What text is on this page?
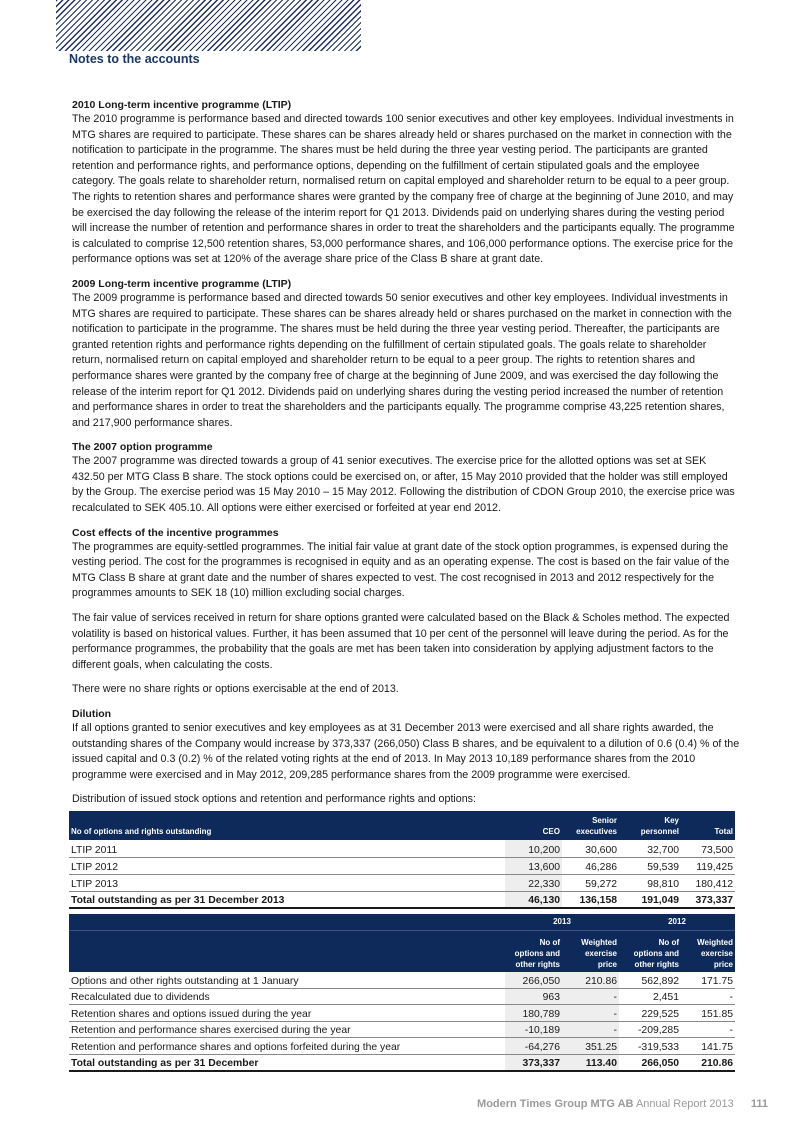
Notes to the accounts
2010 Long-term incentive programme (LTIP)

The 2010 programme is performance based and directed towards 100 senior executives and other key employees. Individual investments in MTG shares are required to participate. These shares can be shares already held or shares purchased on the market in connection with the notification to participate in the programme. The shares must be held during the three year vesting period. The participants are granted retention and performance rights, and performance options, depending on the fulfillment of certain stipulated goals and the employee category. The goals relate to shareholder return, normalised return on capital employed and shareholder return to be equal to a peer group. The rights to retention shares and performance shares were granted by the company free of charge at the beginning of June 2010, and may be exercised the day following the release of the interim report for Q1 2013. Dividends paid on underlying shares during the vesting period will increase the number of retention and performance shares in order to treat the shareholders and the participants equally. The programme is calculated to comprise 12,500 retention shares, 53,000 performance shares, and 106,000 performance options. The exercise price for the performance options was set at 120% of the average share price of the Class B share at grant date.

2009 Long-term incentive programme (LTIP)

The 2009 programme is performance based and directed towards 50 senior executives and other key employees. Individual investments in MTG shares are required to participate. These shares can be shares already held or shares purchased on the market in connection with the notification to participate in the programme. The shares must be held during the three year vesting period. Thereafter, the participants are granted retention rights and performance rights depending on the fulfillment of certain stipulated goals. The goals relate to shareholder return, normalised return on capital employed and shareholder return to be equal to a peer group. The rights to retention shares and performance shares were granted by the company free of charge at the beginning of June 2009, and was exercised the day following the release of the interim report for Q1 2012. Dividends paid on underlying shares during the vesting period increased the number of retention and performance shares in order to treat the shareholders and the participants equally. The programme comprise 43,225 retention shares, and 217,900 performance shares.

The 2007 option programme

The 2007 programme was directed towards a group of 41 senior executives. The exercise price for the allotted options was set at SEK 432.50 per MTG Class B share. The stock options could be exercised on, or after, 15 May 2010 provided that the holder was still employed by the Group. The exercise period was 15 May 2010 – 15 May 2012. Following the distribution of CDON Group 2010, the exercise price was recalculated to SEK 405.10. All options were either exercised or forfeited at year end 2012.

Cost effects of the incentive programmes

The programmes are equity-settled programmes. The initial fair value at grant date of the stock option programmes, is expensed during the vesting period. The cost for the programmes is recognised in equity and as an operating expense. The cost is based on the fair value of the MTG Class B share at grant date and the number of shares expected to vest. The cost recognised in 2013 and 2012 respectively for the programmes amounts to SEK 18 (10) million excluding social charges.

The fair value of services received in return for share options granted were calculated based on the Black & Scholes method. The expected volatility is based on historical values. Further, it has been assumed that 10 per cent of the personnel will leave during the period. As for the performance programmes, the probability that the goals are met has been taken into consideration by applying adjustment factors to the different goals, when calculating the costs.

There were no share rights or options exercisable at the end of 2013.

Dilution

If all options granted to senior executives and key employees as at 31 December 2013 were exercised and all share rights awarded, the outstanding shares of the Company would increase by 373,337 (266,050) Class B shares, and be equivalent to a dilution of 0.6 (0.4) % of the issued capital and 0.3 (0.2) % of the related voting rights at the end of 2013. In May 2013 10,189 performance shares from the 2010 programme were exercised and in May 2012, 209,285 performance shares from the 2009 programme were exercised.

Distribution of issued stock options and retention and performance rights and options:

No of options and rights outstanding	CEO	Senior
executives	Key
personnel	Total
LTIP 2011	10,200	30,600	32,700	73,500
LTIP 2012	13,600	46,286	59,539	119,425
LTIP 2013	22,330	59,272	98,810	180,412
Total outstanding as per 31 December 2013	46,130	136,158	191,049	373,337
	2013		2012	
	No of
options and
other rights	Weighted
exercise
price	No of
options and
other rights	Weighted
exercise
price
Options and other rights outstanding at 1 January	266,050	210.86	562,892	171.75
Recalculated due to dividends	963	-	2,451	-
Retention shares and options issued during the year	180,789	-	229,525	151.85
Retention and performance shares exercised during the year	-10,189	-	-209,285	-
Retention and performance shares and options forfeited during the year	-64,276	351.25	-319,533	141.75
Total outstanding as per 31 December	373,337	113.40	266,050	210.86
Modern Times Group MTG AB Annual Report 2013 111
